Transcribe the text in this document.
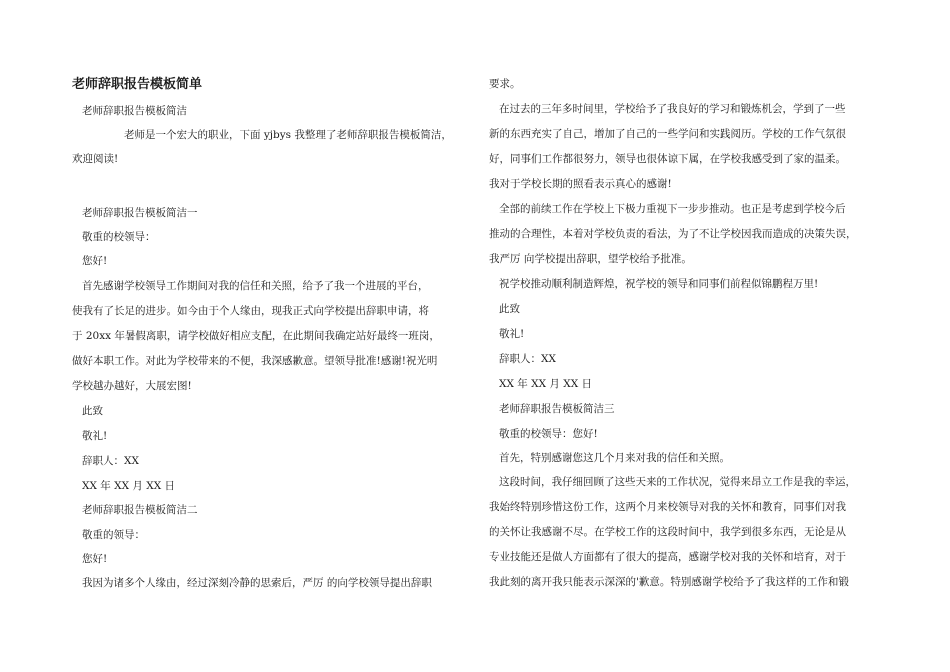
老师辞职报告模板简单
老师辞职报告模板简洁
老师是一个宏大的职业，下面 yjbys 我整理了老师辞职报告模板简洁，
欢迎阅读!
老师辞职报告模板简洁一
敬重的校领导：
您好!
首先感谢学校领导工作期间对我的信任和关照，给予了我一个进展的平台，
使我有了长足的进步。如今由于个人缘由，现我正式向学校提出辞职申请，将
于 20xx 年暑假离职，请学校做好相应支配，在此期间我确定站好最终一班岗，
做好本职工作。对此为学校带来的不便，我深感歉意。望领导批准!感谢!祝光明
学校越办越好，大展宏图!
此致
敬礼!
辞职人：XX
XX 年 XX 月 XX 日
老师辞职报告模板简洁二
敬重的领导：
您好!
我因为诸多个人缘由，经过深刻冷静的思索后，严厉 的向学校领导提出辞职
要求。
在过去的三年多时间里，学校给予了我良好的学习和锻炼机会，学到了一些
新的东西充实了自己，增加了自己的一些学问和实践阅历。学校的工作气氛很
好，同事们工作都很努力，领导也很体谅下属，在学校我感受到了家的温柔。
我对于学校长期的照看表示真心的感谢!
全部的前续工作在学校上下极力重视下一步步推动。也正是考虑到学校今后
推动的合理性，本着对学校负责的看法，为了不让学校因我而造成的决策失误，
我严厉 向学校提出辞职，望学校给予批准。
祝学校推动顺利制造辉煌，祝学校的领导和同事们前程似锦鹏程万里!
此致
敬礼!
辞职人：XX
XX 年 XX 月 XX 日
老师辞职报告模板简洁三
敬重的校领导：您好!
首先，特别感谢您这几个月来对我的信任和关照。
这段时间，我仔细回顾了这些天来的工作状况，觉得来昂立工作是我的幸运，
我始终特别珍惜这份工作，这两个月来校领导对我的关怀和教育，同事们对我
的关怀让我感谢不尽。在学校工作的这段时间中，我学到很多东西，无论是从
专业技能还是做人方面都有了很大的提高，感谢学校对我的关怀和培育，对于
我此刻的离开我只能表示深深的'歉意。特别感谢学校给予了我这样的工作和锻
